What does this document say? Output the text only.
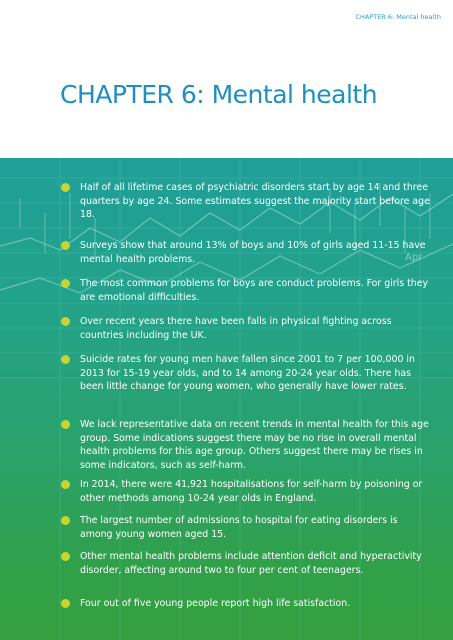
CHAPTER 6: Mental health
CHAPTER 6: Mental health
Apr
Half of all lifetime cases of psychiatric disorders start by age 14 and three quarters by age 24. Some estimates suggest the majority start before age 18.
Surveys show that around 13% of boys and 10% of girls aged 11-15 have mental health problems.
The most common problems for boys are conduct problems. For girls they are emotional difficulties.
Over recent years there have been falls in physical fighting across countries including the UK.
Suicide rates for young men have fallen since 2001 to 7 per 100,000 in 2013 for 15-19 year olds, and to 14 among 20-24 year olds. There has been little change for young women, who generally have lower rates.
We lack representative data on recent trends in mental health for this age group. Some indications suggest there may be no rise in overall mental health problems for this age group. Others suggest there may be rises in some indicators, such as self-harm.
In 2014, there were 41,921 hospitalisations for self-harm by poisoning or other methods among 10-24 year olds in England.
The largest number of admissions to hospital for eating disorders is among young women aged 15.
Other mental health problems include attention deficit and hyperactivity disorder, affecting around two to four per cent of teenagers.
Four out of five young people report high life satisfaction.
